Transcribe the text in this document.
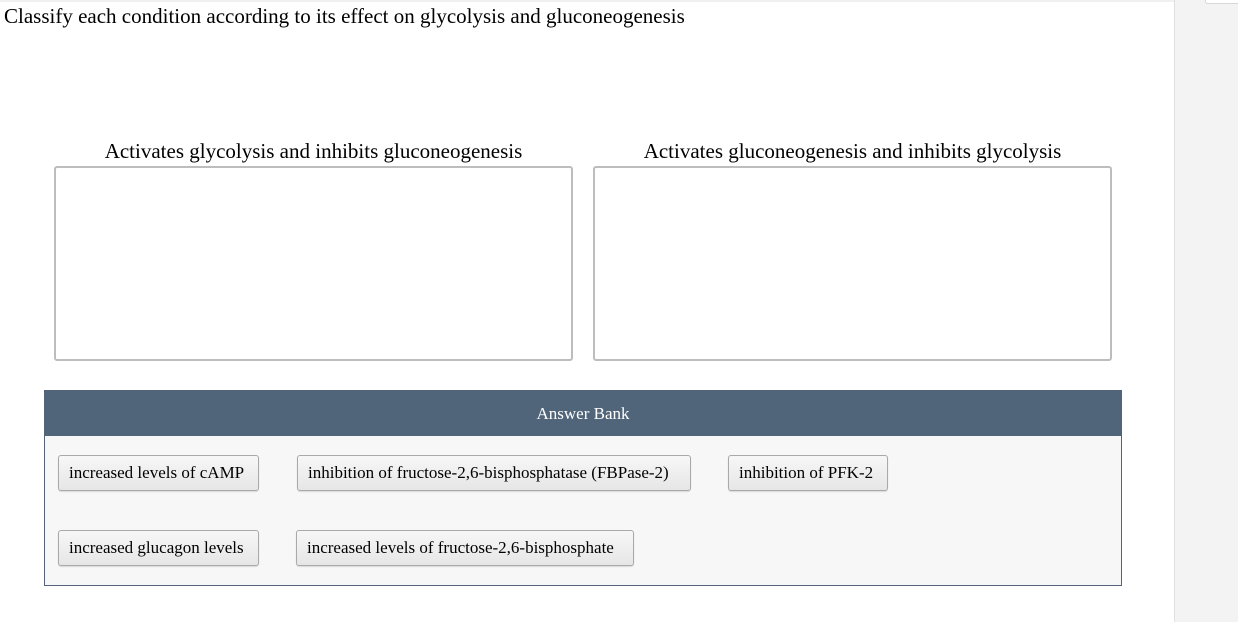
Classify each condition according to its effect on glycolysis and gluconeogenesis
Activates glycolysis and inhibits gluconeogenesis	Activates gluconeogenesis and inhibits glycolysis
Answer Bank
increased levels of cAMP	inhibition of fructose-2,6-bisphosphatase (FBPase-2)	inhibition of PFK-2
increased glucagon levels	increased levels of fructose-2,6-bisphosphate
